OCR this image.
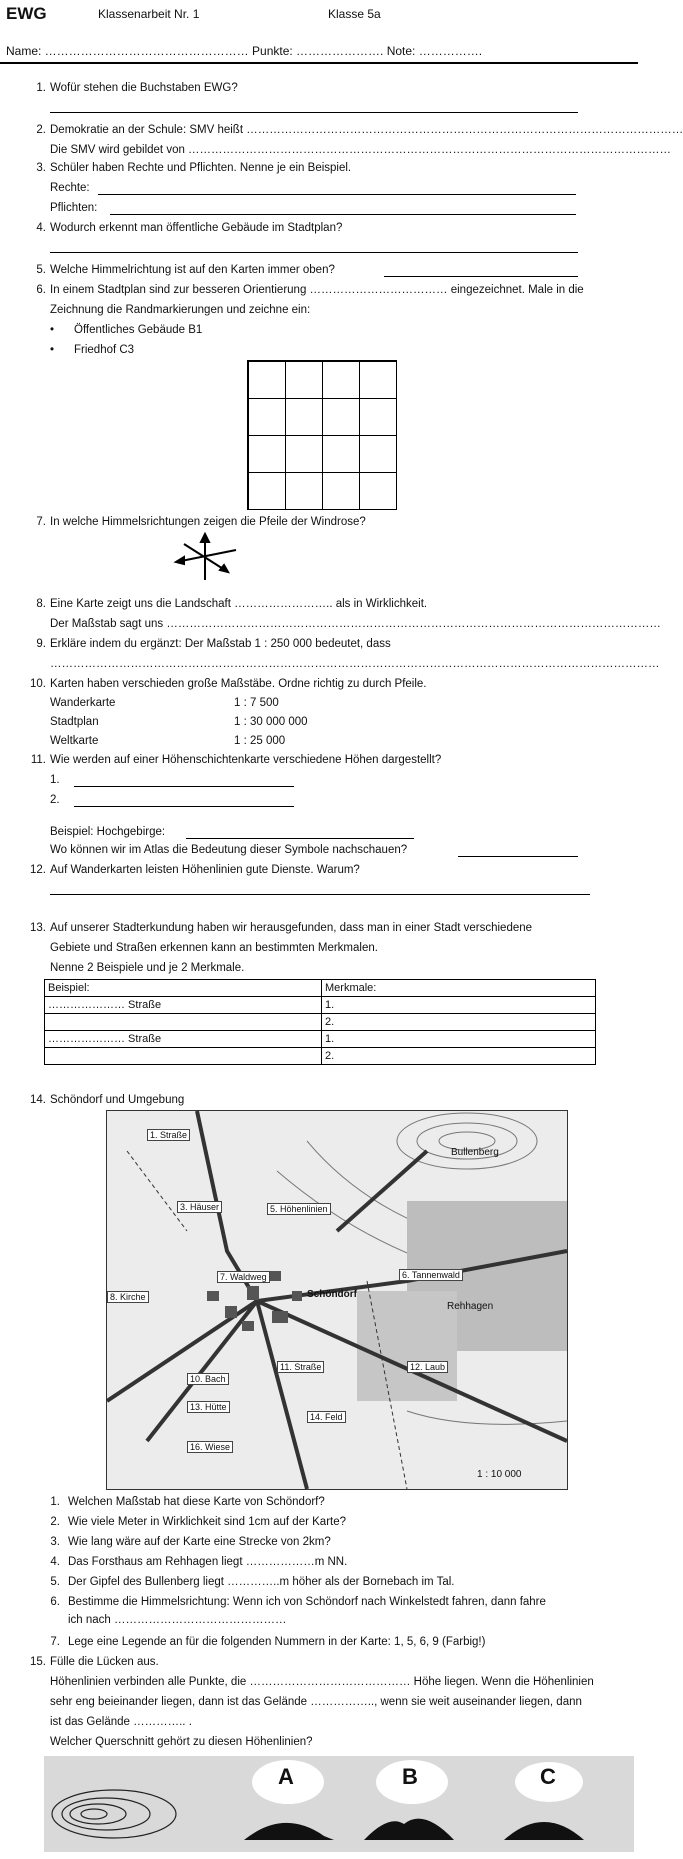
EWG	Klassenarbeit Nr. 1	Klasse 5a
Name: …………………………………………… Punkte: …………………. Note: …………….
1. Wofür stehen die Buchstaben EWG?
2. Demokratie an der Schule: SMV heißt ……………………………………………………………………………………………………
Die SMV wird gebildet von ………………………………………………………………………………………………………………
3. Schüler haben Rechte und Pflichten. Nenne je ein Beispiel.
Rechte:
Pflichten:
4. Wodurch erkennt man öffentliche Gebäude im Stadtplan?
5. Welche Himmelrichtung ist auf den Karten immer oben?
6. In einem Stadtplan sind zur besseren Orientierung ……………………………… eingezeichnet. Male in die
Zeichnung die Randmarkierungen und zeichne ein:
• Öffentliches Gebäude B1
• Friedhof C3
7. In welche Himmelsrichtungen zeigen die Pfeile der Windrose?
8. Eine Karte zeigt uns die Landschaft …………………….. als in Wirklichkeit.
Der Maßstab sagt uns …………………………………………………………………………………………………………………
9. Erkläre indem du ergänzt: Der Maßstab 1 : 250 000 bedeutet, dass
……………………………………………………………………………………………………………………………………………
10. Karten haben verschieden große Maßstäbe. Ordne richtig zu durch Pfeile.
Wanderkarte	1 : 7 500
Stadtplan	1 : 30 000 000
Weltkarte	1 : 25 000
11. Wie werden auf einer Höhenschichtenkarte verschiedene Höhen dargestellt?
1.
2.
Beispiel: Hochgebirge:
Wo können wir im Atlas die Bedeutung dieser Symbole nachschauen?
12. Auf Wanderkarten leisten Höhenlinien gute Dienste. Warum?
13. Auf unserer Stadterkundung haben wir herausgefunden, dass man in einer Stadt verschiedene
Gebiete und Straßen erkennen kann an bestimmten Merkmalen.
Nenne 2 Beispiele und je 2 Merkmale.
Beispiel:	Merkmale:
………………… Straße	1.
	2.
………………… Straße	1.
	2.
14. Schöndorf und Umgebung
1. Straße
3. Häuser	5. Höhenlinien
6. Tannenwald
7. Waldweg
8. Kirche
11. Straße	12. Laub
10. Bach
13. Hütte
14. Feld
16. Wiese
Schöndorf
Rehhagen
Bullenberg
1 : 10 000
1. Welchen Maßstab hat diese Karte von Schöndorf?
2. Wie viele Meter in Wirklichkeit sind 1cm auf der Karte?
3. Wie lang wäre auf der Karte eine Strecke von 2km?
4. Das Forsthaus am Rehhagen liegt ………………m NN.
5. Der Gipfel des Bullenberg liegt …………..m höher als der Bornebach im Tal.
6. Bestimme die Himmelsrichtung: Wenn ich von Schöndorf nach Winkelstedt fahren, dann fahre
ich nach ………………………………………
7. Lege eine Legende an für die folgenden Nummern in der Karte: 1, 5, 6, 9 (Farbig!)
15. Fülle die Lücken aus.
Höhenlinien verbinden alle Punkte, die …………………………………… Höhe liegen. Wenn die Höhenlinien
sehr eng beieinander liegen, dann ist das Gelände …………….., wenn sie weit auseinander liegen, dann
ist das Gelände ………….. .
Welcher Querschnitt gehört zu diesen Höhenlinien?
A	B	C
